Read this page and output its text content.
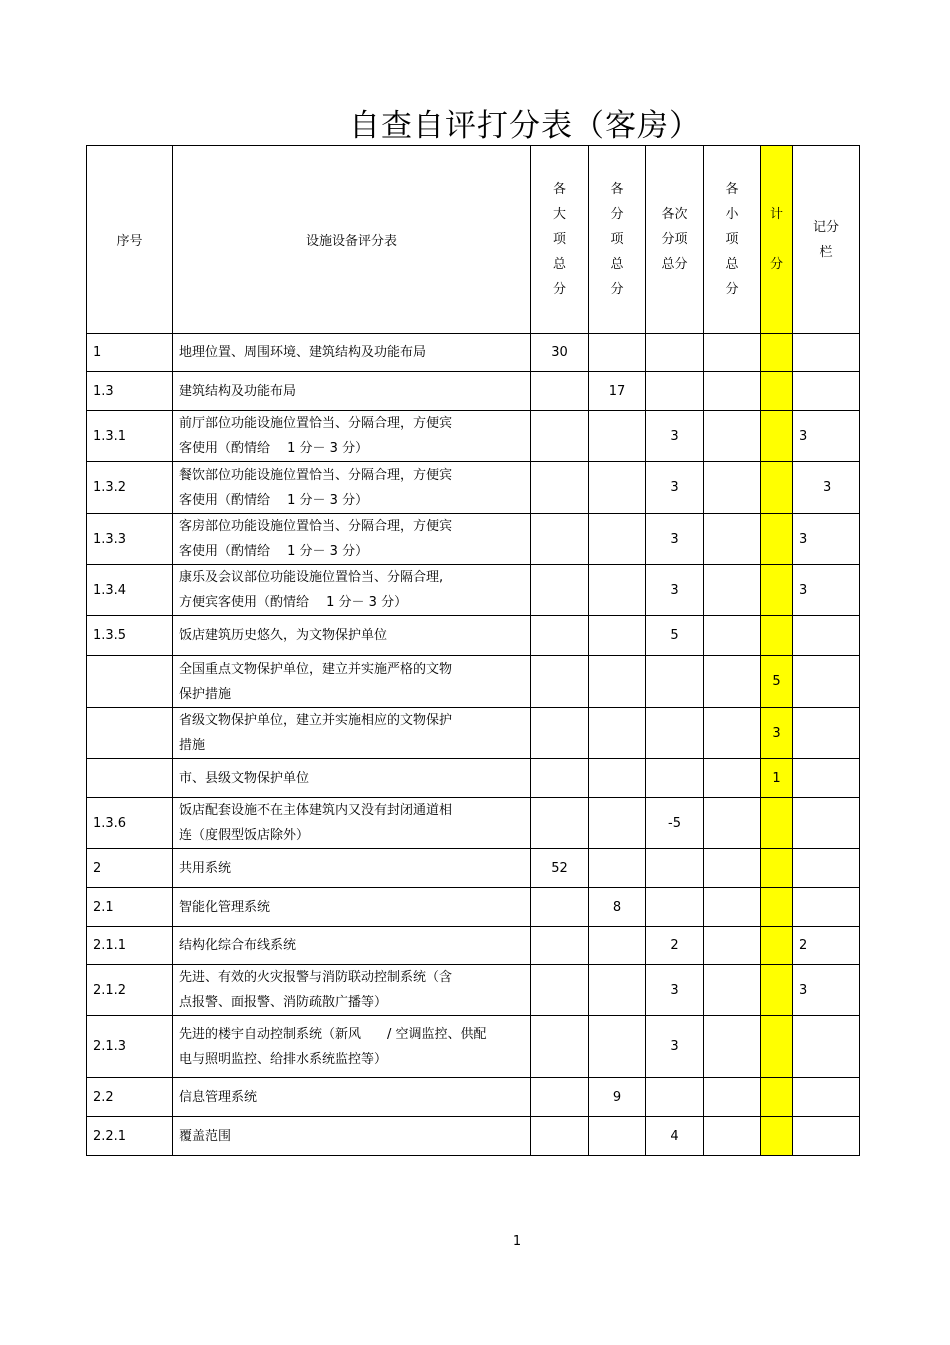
自查自评打分表（客房）
序号	设施设备评分表	各
大
项
总
分	各
分
项
总
分	各次
分项
总分	各
小
项
总
分	计

分	记分
栏
1	地理位置、周围环境、建筑结构及功能布局	30					
1.3	建筑结构及功能布局		17				
1.3.1	前厅部位功能设施位置恰当、分隔合理，方便宾
客使用（酌情给　 1 分－ 3 分）			3			3
1.3.2	餐饮部位功能设施位置恰当、分隔合理，方便宾
客使用（酌情给　 1 分－ 3 分）			3			3
1.3.3	客房部位功能设施位置恰当、分隔合理，方便宾
客使用（酌情给　 1 分－ 3 分）			3			3
1.3.4	康乐及会议部位功能设施位置恰当、分隔合理,
方便宾客使用（酌情给　 1 分－ 3 分）			3			3
1.3.5	饭店建筑历史悠久，为文物保护单位			5			
	全国重点文物保护单位，建立并实施严格的文物
保护措施					5	
	省级文物保护单位，建立并实施相应的文物保护
措施					3	
	市、县级文物保护单位					1	
1.3.6	饭店配套设施不在主体建筑内又没有封闭通道相
连（度假型饭店除外）			-5			
2	共用系统	52					
2.1	智能化管理系统		8				
2.1.1	结构化综合布线系统			2			2
2.1.2	先进、有效的火灾报警与消防联动控制系统（含
点报警、面报警、消防疏散广播等）			3			3
2.1.3	先进的楼宇自动控制系统（新风　　/ 空调监控、供配
电与照明监控、给排水系统监控等）			3			
2.2	信息管理系统		9				
2.2.1	覆盖范围			4			
1
